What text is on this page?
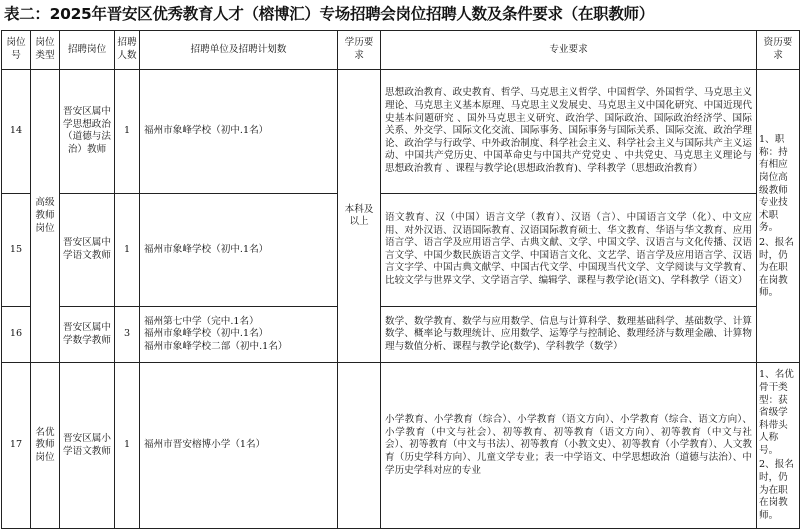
表二：2025年晋安区优秀教育人才（榕博汇）专场招聘会岗位招聘人数及条件要求（在职教师）
岗位号	岗位类型	招聘岗位	招聘人数	招聘单位及招聘计划数	学历要求	专业要求	资历要求
14	高级教师岗位	晋安区属中学思想政治（道德与法治）教师	1	福州市象峰学校（初中.1名）	本科及以上	思想政治教育、政史教育、哲学、马克思主义哲学、中国哲学、外国哲学、马克思主义理论、马克思主义基本原理、马克思主义发展史、马克思主义中国化研究、中国近现代史基本问题研究 、国外马克思主义研究、政治学、国际政治、国际政治经济学、国际关系、外交学、国际文化交流、国际事务、国际事务与国际关系、国际交流、政治学理论、政治学与行政学、中外政治制度、科学社会主义、科学社会主义与国际共产主义运动、中国共产党历史、中国革命史与中国共产党党史 、中共党史、马克思主义理论与思想政治教育 、课程与教学论(思想政治教育)、学科教学（思想政治教育）	1、职称：持有相应岗位高级教师专业技术职务。
2、报名时，仍为在职在岗教师。

15		晋安区属中学语文教师	1	福州市象峰学校（初中.1名）		语文教育、汉（中国）语言文学（教育）、汉语（言）、中国语言文学（化）、中文应用、对外汉语、汉语国际教育、汉语国际教育硕士、华文教育、华语与华文教育、应用语言学、语言学及应用语言学、古典文献、文学、中国文学、汉语言与文化传播、汉语言文学、中国少数民族语言文学、中国语言文化、文艺学、语言学及应用语言学、汉语言文字学、中国古典文献学、中国古代文学、中国现当代文学、文学阅读与文学教育、比较文学与世界文学、文学语言学、编辑学、课程与教学论(语文)、学科教学（语文）	
16		晋安区属中学数学教师	3	福州第七中学（完中.1名）
福州市象峰学校（初中.1名）
福州市象峰学校二部（初中.1名）		数学、数学教育、数学与应用数学、信息与计算科学、数理基础科学、基础数学、计算数学、概率论与数理统计、应用数学、运筹学与控制论、数理经济与数理金融、计算物理与数值分析、课程与教学论(数学)、学科教学（数学）	
17	名优教师岗位	晋安区属小学语文教师	1	福州市晋安榕博小学（1名）		小学教育、小学教育（综合）、小学教育（语文方向）、小学教育（综合、语文方向）、小学教育（中文与社会）、初等教育、初等教育（语文方向）、初等教育（中文与社会）、初等教育（中文与书法）、初等教育（小教文史）、初等教育（小学教育）、人文教育（历史学科方向）、儿童文学专业；表一中学语文、中学思想政治（道德与法治）、中学历史学科对应的专业	1、名优骨干类型：获省级学科带头人称号。
2、报名时，仍为在职在岗教师。
